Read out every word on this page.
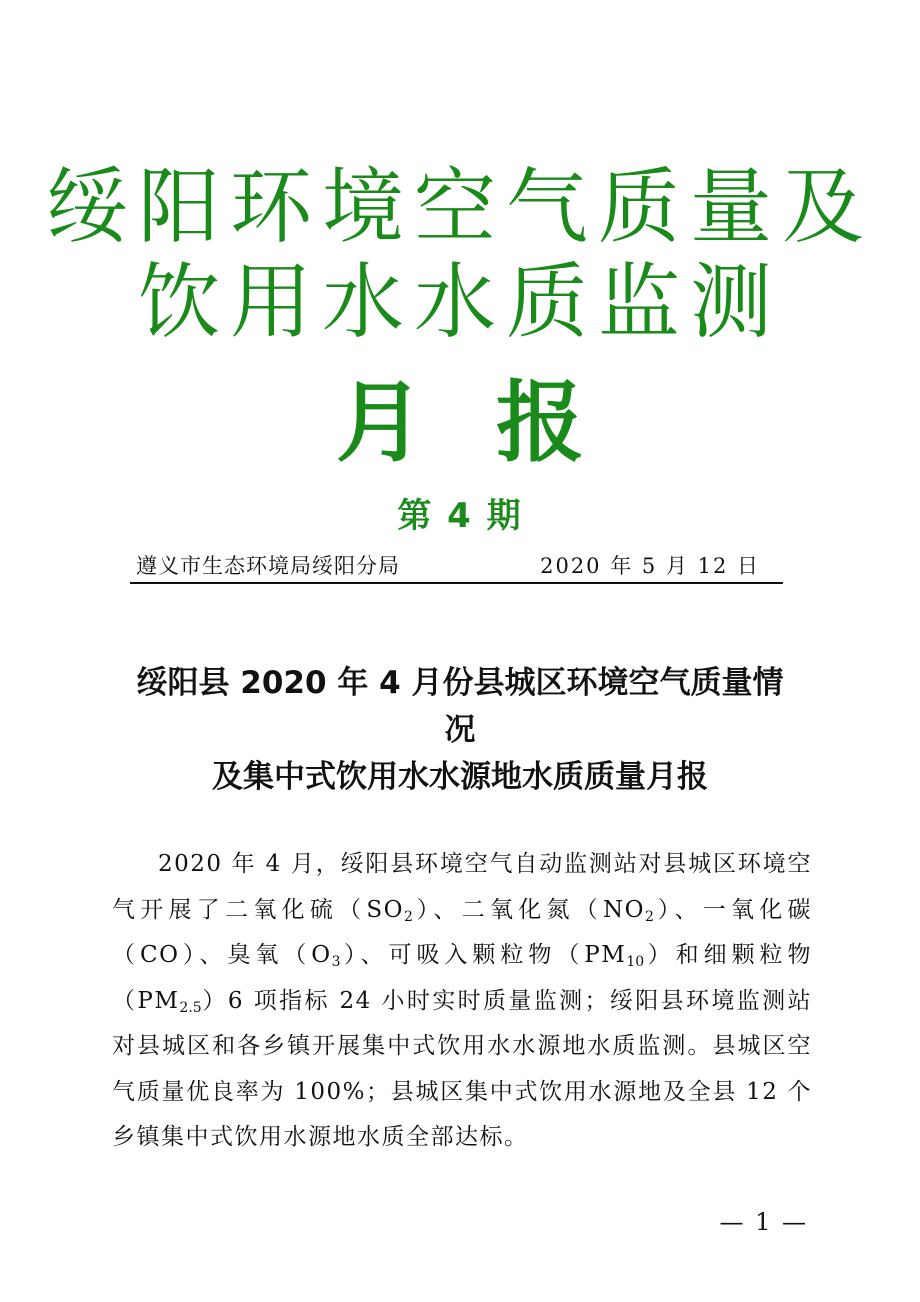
绥阳环境空气质量及
饮用水水质监测
月报
第 4 期
遵义市生态环境局绥阳分局	2020 年 5 月 12 日
绥阳县 2020 年 4 月份县城区环境空气质量情
况
及集中式饮用水水源地水质质量月报
2020 年 4 月，绥阳县环境空气自动监测站对县城区环境空气开展了二氧化硫$(SO_2)$、二氧化氮$(NO_2)$、一氧化碳（CO）、臭氧$(O_3)$、可吸入颗粒物$(PM_{10})$和细颗粒物$(PM_{2.5})6$ 项指标 24 小时实时质量监测；绥阳县环境监测站对县城区和各乡镇开展集中式饮用水水源地水质监测。县城区空气质量优良率为 100%；县城区集中式饮用水源地及全县 12 个乡镇集中式饮用水源地水质全部达标。
— 1 —
